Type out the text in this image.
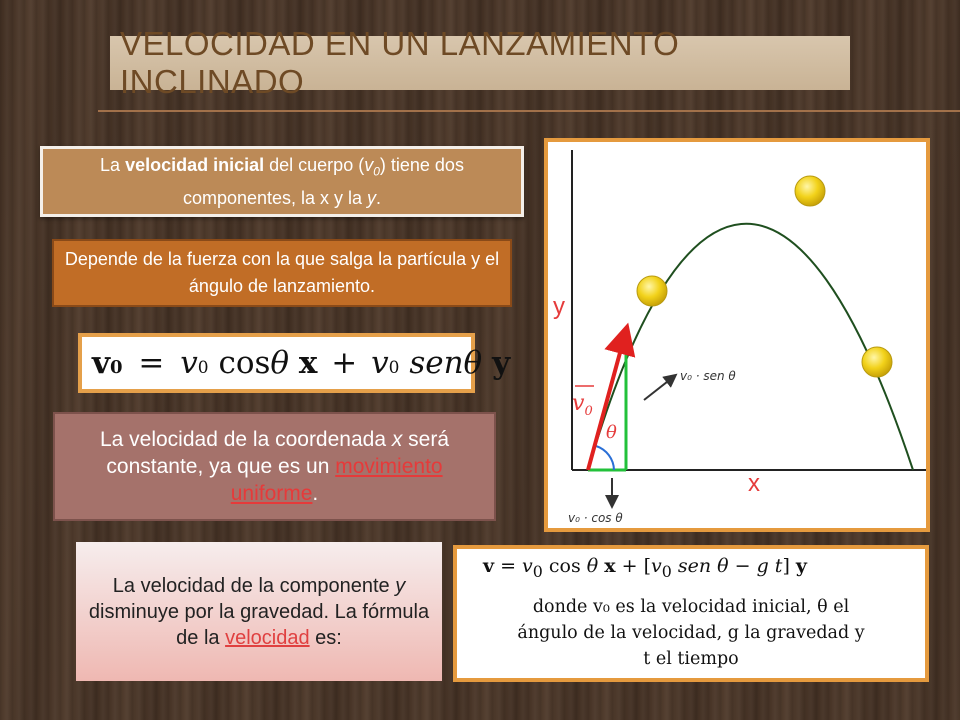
VELOCIDAD EN UN LANZAMIENTO INCLINADO
La velocidad inicial del cuerpo $(v_0)$ tiene dos componentes, la x y la y.
Depende de la fuerza con la que salga la partícula y el ángulo de lanzamiento.
v0 = v0 cosθ x + v0 senθ y
La velocidad de la coordenada x será constante, ya que es un movimiento uniforme.
La velocidad de la componente y disminuye por la gravedad. La fórmula de la velocidad es:
y
x
$v_0$
θ
v₀ · sen θ
v₀ · cos θ
$v = v_0$ cos θ $x + [v_0$ sen θ − g t] y
donde v₀ es la velocidad inicial, θ el
ángulo de la velocidad, g la gravedad y
t el tiempo
